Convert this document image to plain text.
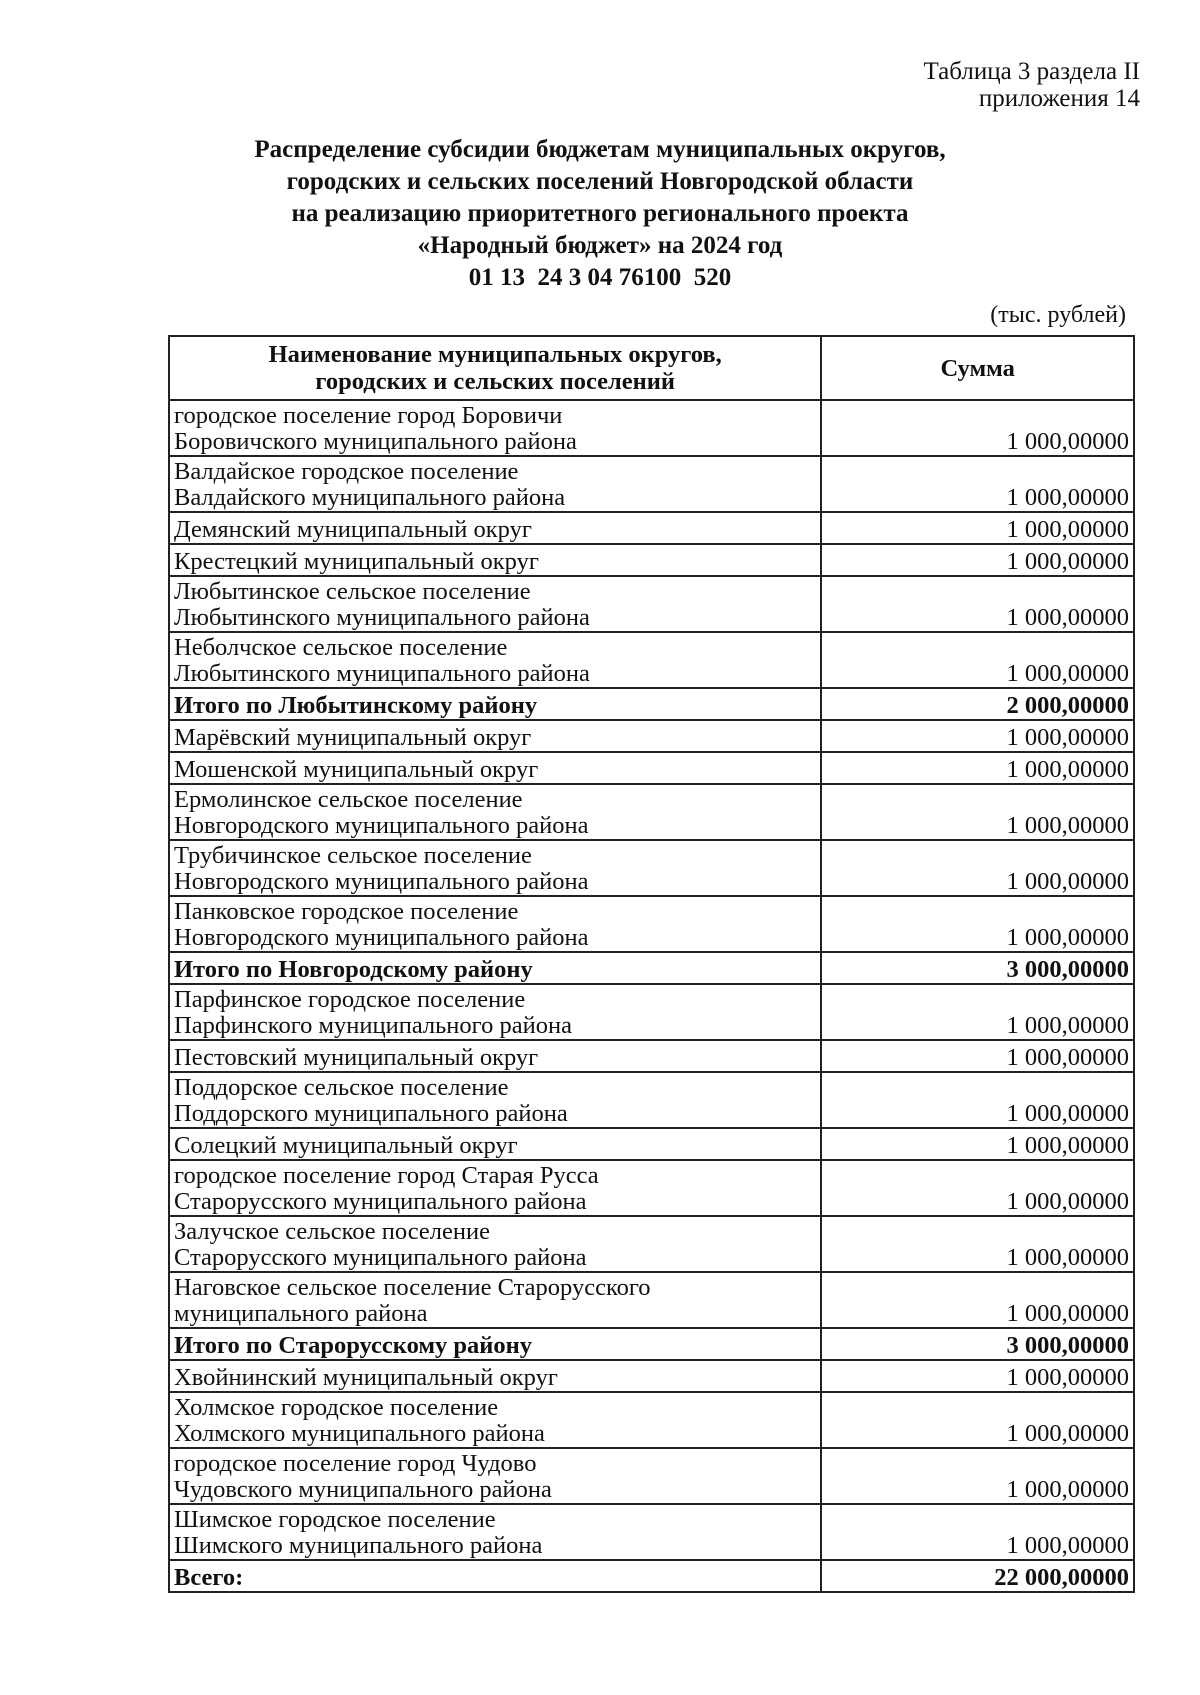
Таблица 3 раздела II
приложения 14
Распределение субсидии бюджетам муниципальных округов,
городских и сельских поселений Новгородской области
на реализацию приоритетного регионального проекта
«Народный бюджет» на 2024 год
01 13  24 3 04 76100  520
(тыс. рублей)
Наименование муниципальных округов,
городских и сельских поселений	Сумма

городское поселение город Боровичи
Боровичского муниципального района	1 000,00000

Валдайское городское поселение
Валдайского муниципального района	1 000,00000
Демянский муниципальный округ	1 000,00000
Крестецкий муниципальный округ	1 000,00000

Любытинское сельское поселение
Любытинского муниципального района	1 000,00000

Неболчское сельское поселение
Любытинского муниципального района	1 000,00000
Итого по Любытинскому району	2 000,00000
Марёвский муниципальный округ	1 000,00000
Мошенской муниципальный округ	1 000,00000

Ермолинское сельское поселение
Новгородского муниципального района	1 000,00000

Трубичинское сельское поселение
Новгородского муниципального района	1 000,00000

Панковское городское поселение
Новгородского муниципального района	1 000,00000
Итого по Новгородскому району	3 000,00000

Парфинское городское поселение
Парфинского муниципального района	1 000,00000
Пестовский муниципальный округ	1 000,00000

Поддорское сельское поселение
Поддорского муниципального района	1 000,00000
Солецкий муниципальный округ	1 000,00000

городское поселение город Старая Русса
Старорусского муниципального района	1 000,00000

Залучское сельское поселение
Старорусского муниципального района	1 000,00000

Наговское сельское поселение Старорусского
муниципального района	1 000,00000
Итого по Старорусскому району	3 000,00000
Хвойнинский муниципальный округ	1 000,00000

Холмское городское поселение
Холмского муниципального района	1 000,00000

городское поселение город Чудово
Чудовского муниципального района	1 000,00000

Шимское городское поселение
Шимского муниципального района	1 000,00000
Всего:	22 000,00000
